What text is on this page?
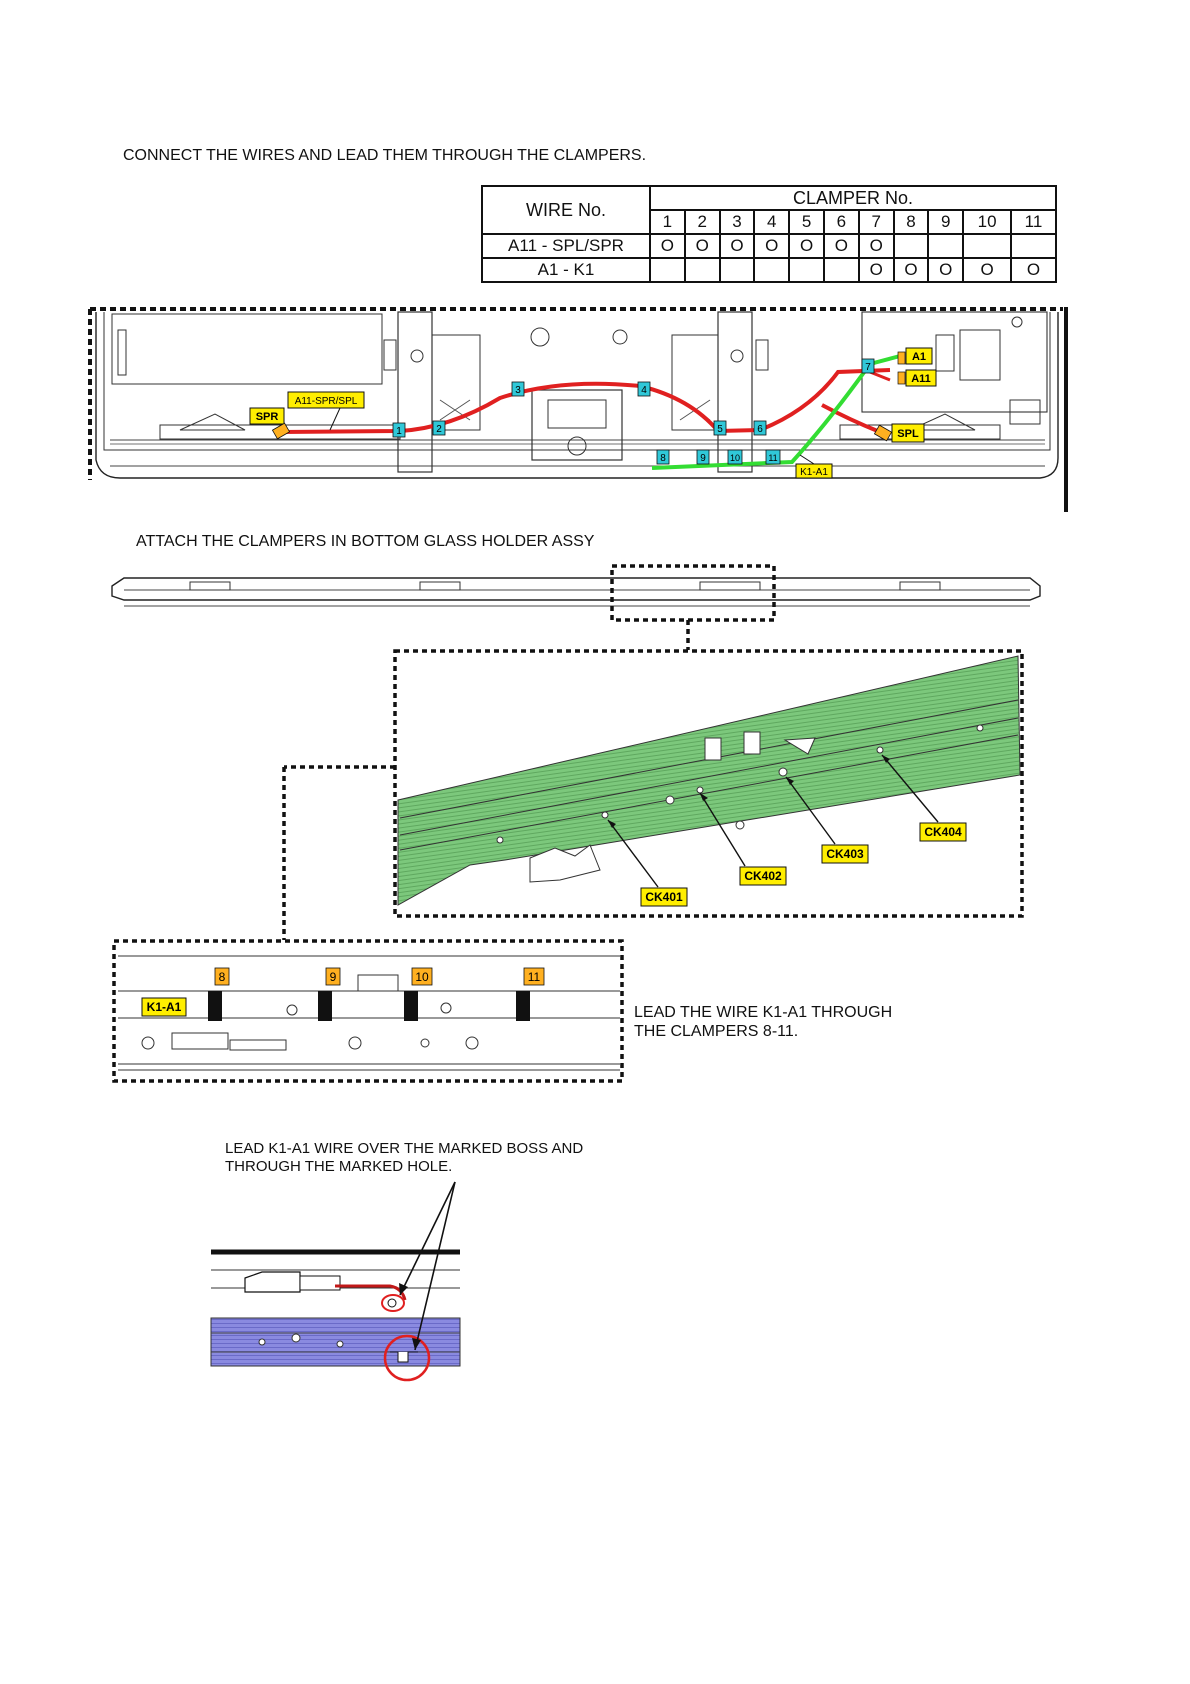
CONNECT THE WIRES AND LEAD THEM THROUGH THE CLAMPERS.
WIRE No.	CLAMPER No.										
	1	2	3	4	5	6	7	8	9	10	11
A11 - SPL/SPR	O	O	O	O	O	O	O				
A1 - K1							O	O	O	O	O
ATTACH THE CLAMPERS IN BOTTOM GLASS HOLDER ASSY
LEAD THE WIRE K1-A1 THROUGH
THE CLAMPERS 8-11.
LEAD K1-A1 WIRE OVER THE MARKED BOSS AND
THROUGH THE MARKED HOLE.
1	2
3	4
5	6
7
8	9	10	11
SPR
A11-SPR/SPL
SPL
A1
A11
K1-A1
CK401
CK402
CK403
CK404
8	9	10	11
K1-A1
